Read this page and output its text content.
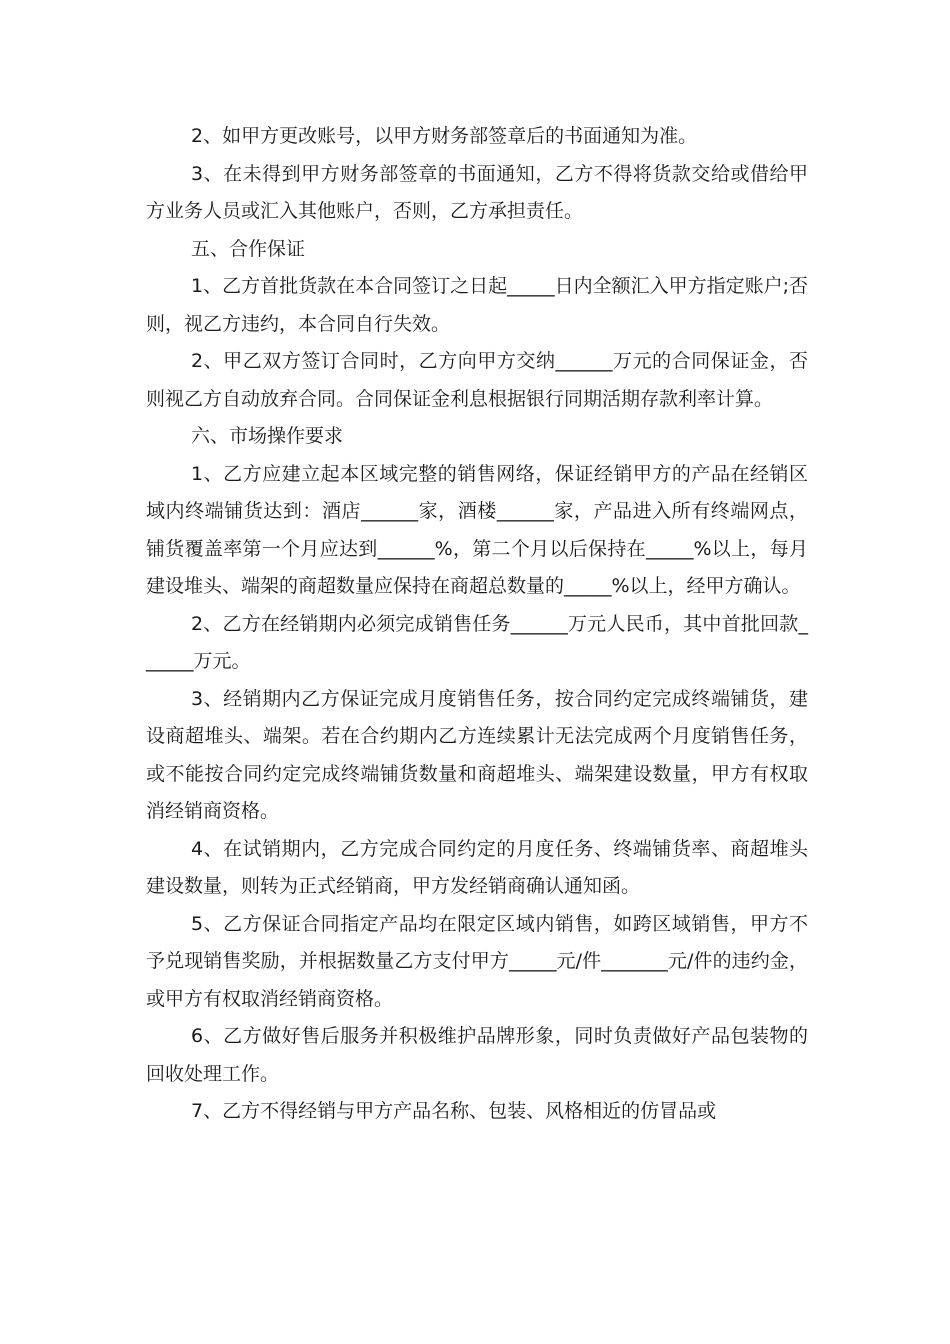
2、如甲方更改账号，以甲方财务部签章后的书面通知为准。

3、在未得到甲方财务部签章的书面通知，乙方不得将货款交给或借给甲方业务人员或汇入其他账户，否则，乙方承担责任。

五、合作保证

1、乙方首批货款在本合同签订之日起_____日内全额汇入甲方指定账户;否则，视乙方违约，本合同自行失效。

2、甲乙双方签订合同时，乙方向甲方交纳______万元的合同保证金，否则视乙方自动放弃合同。合同保证金利息根据银行同期活期存款利率计算。

六、市场操作要求

1、乙方应建立起本区域完整的销售网络，保证经销甲方的产品在经销区域内终端铺货达到：酒店______家，酒楼______家，产品进入所有终端网点，铺货覆盖率第一个月应达到______%，第二个月以后保持在_____%以上，每月建设堆头、端架的商超数量应保持在商超总数量的_____%以上，经甲方确认。

2、乙方在经销期内必须完成销售任务______万元人民币，其中首批回款______万元。

3、经销期内乙方保证完成月度销售任务，按合同约定完成终端铺货，建设商超堆头、端架。若在合约期内乙方连续累计无法完成两个月度销售任务，或不能按合同约定完成终端铺货数量和商超堆头、端架建设数量，甲方有权取消经销商资格。

4、在试销期内，乙方完成合同约定的月度任务、终端铺货率、商超堆头建设数量，则转为正式经销商，甲方发经销商确认通知函。

5、乙方保证合同指定产品均在限定区域内销售，如跨区域销售，甲方不予兑现销售奖励，并根据数量乙方支付甲方_____元/件_______元/件的违约金，或甲方有权取消经销商资格。

6、乙方做好售后服务并积极维护品牌形象，同时负责做好产品包装物的回收处理工作。

7、乙方不得经销与甲方产品名称、包装、风格相近的仿冒品或
